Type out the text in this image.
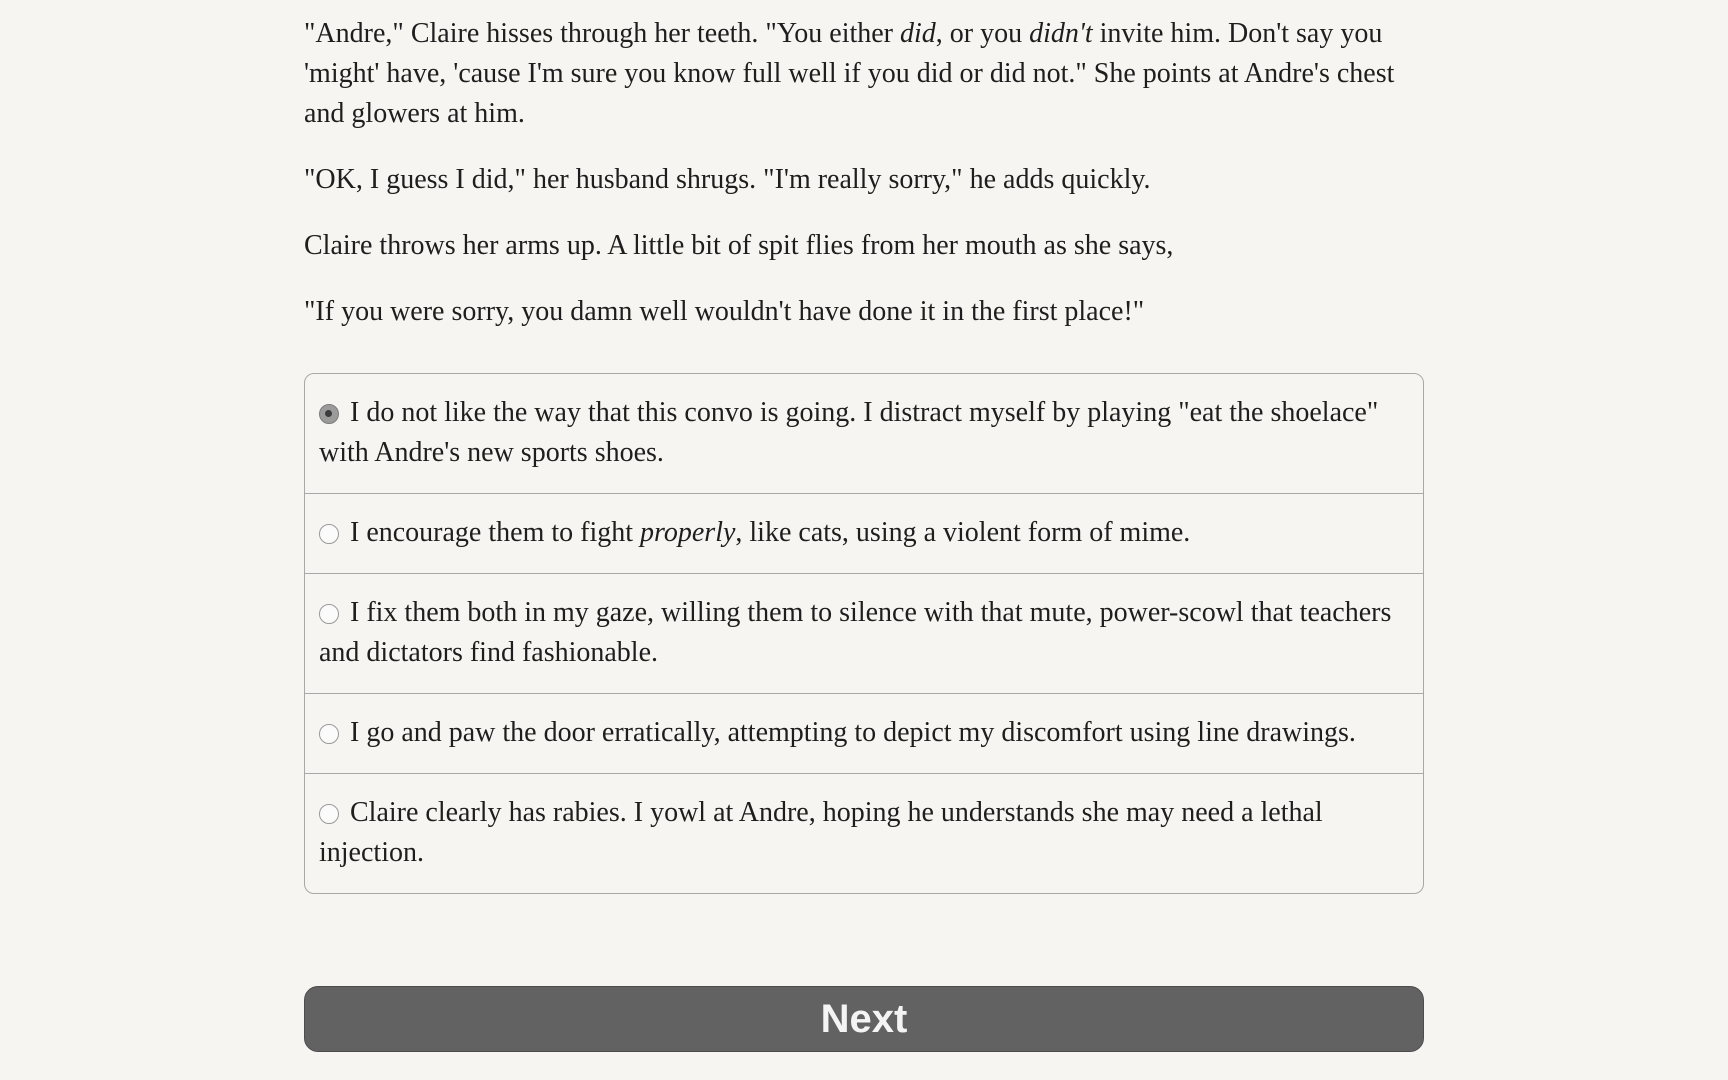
"Andre," Claire hisses through her teeth. "You either did, or you didn't invite him. Don't say you 'might' have, 'cause I'm sure you know full well if you did or did not." She points at Andre's chest and glowers at him.

"OK, I guess I did," her husband shrugs. "I'm really sorry," he adds quickly.

Claire throws her arms up. A little bit of spit flies from her mouth as she says,

"If you were sorry, you damn well wouldn't have done it in the first place!"

I do not like the way that this convo is going. I distract myself by playing "eat the shoelace" with Andre's new sports shoes.
I encourage them to fight properly, like cats, using a violent form of mime.
I fix them both in my gaze, willing them to silence with that mute, power-scowl that teachers and dictators find fashionable.
I go and paw the door erratically, attempting to depict my discomfort using line drawings.
Claire clearly has rabies. I yowl at Andre, hoping he understands she may need a lethal injection.
Next
